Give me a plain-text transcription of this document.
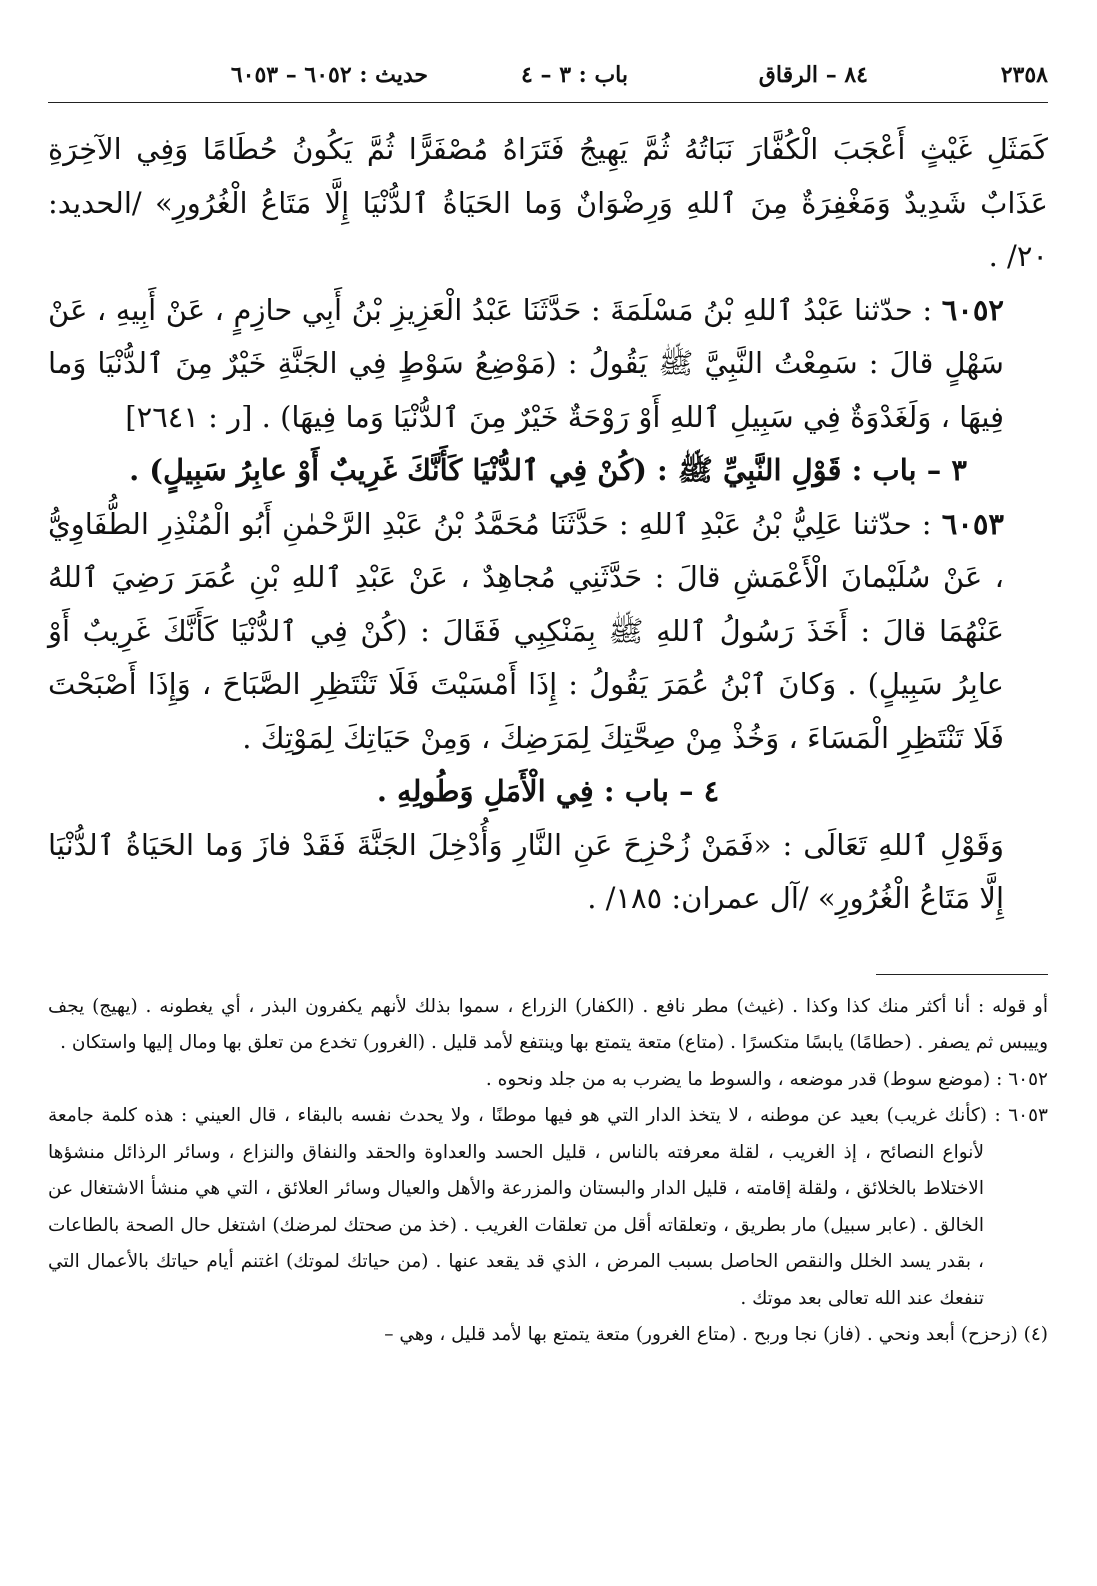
٢٣٥٨
٨٤ – الرقاق
باب : ٣ – ٤
حديث : ٦٠٥٢ – ٦٠٥٣

كَمَثَلِ غَيْثٍ أَعْجَبَ الْكُفَّارَ نَبَاتُهُ ثُمَّ يَهِيجُ فَتَرَاهُ مُصْفَرًّا ثُمَّ يَكُونُ حُطَامًا وَفِي الآخِرَةِ عَذَابٌ شَدِيدٌ وَمَغْفِرَةٌ مِنَ ٱللهِ وَرِضْوَانٌ وَما الحَيَاةُ ٱلدُّنْيَا إِلَّا مَتَاعُ الْغُرُورِ» /الحديد: ٢٠/ .

٦٠٥٢ : حدّثنا عَبْدُ ٱللهِ بْنُ مَسْلَمَةَ : حَدَّثَنَا عَبْدُ الْعَزِيزِ بْنُ أَبِي حازِمٍ ، عَنْ أَبِيهِ ، عَنْ سَهْلٍ قالَ : سَمِعْتُ النَّبِيَّ ﷺ يَقُولُ : (مَوْضِعُ سَوْطٍ فِي الجَنَّةِ خَيْرٌ مِنَ ٱلدُّنْيَا وَما فِيهَا ، وَلَغَدْوَةٌ فِي سَبِيلِ ٱللهِ أَوْ رَوْحَةٌ خَيْرٌ مِنَ ٱلدُّنْيَا وَما فِيهَا) . [ر : ٢٦٤١]

٣ – باب : قَوْلِ النَّبِيِّ ﷺ : (كُنْ فِي ٱلدُّنْيَا كَأَنَّكَ غَرِيبٌ أَوْ عابِرُ سَبِيلٍ) .

٦٠٥٣ : حدّثنا عَلِيُّ بْنُ عَبْدِ ٱللهِ : حَدَّثَنَا مُحَمَّدُ بْنُ عَبْدِ الرَّحْمٰنِ أَبُو الْمُنْذِرِ الطُّفَاوِيُّ ، عَنْ سُلَيْمانَ الْأَعْمَشِ قالَ : حَدَّثَنِي مُجاهِدٌ ، عَنْ عَبْدِ ٱللهِ بْنِ عُمَرَ رَضِيَ ٱللهُ عَنْهُمَا قالَ : أَخَذَ رَسُولُ ٱللهِ ﷺ بِمَنْكِبِي فَقَالَ : (كُنْ فِي ٱلدُّنْيَا كَأَنَّكَ غَرِيبٌ أَوْ عابِرُ سَبِيلٍ) . وَكانَ ٱبْنُ عُمَرَ يَقُولُ : إِذَا أَمْسَيْتَ فَلَا تَنْتَظِرِ الصَّبَاحَ ، وَإِذَا أَصْبَحْتَ فَلَا تَنْتَظِرِ الْمَسَاءَ ، وَخُذْ مِنْ صِحَّتِكَ لِمَرَضِكَ ، وَمِنْ حَيَاتِكَ لِمَوْتِكَ .

٤ – باب : فِي الْأَمَلِ وَطُولِهِ .

وَقَوْلِ ٱللهِ تَعَالَى : «فَمَنْ زُحْزِحَ عَنِ النَّارِ وَأُدْخِلَ الجَنَّةَ فَقَدْ فازَ وَما الحَيَاةُ ٱلدُّنْيَا إِلَّا مَتَاعُ الْغُرُورِ» /آل عمران: ١٨٥/ .

أو قوله : أنا أكثر منك كذا وكذا . (غيث) مطر نافع . (الكفار) الزراع ، سموا بذلك لأنهم يكفرون البذر ، أي يغطونه . (يهيج) يجف وييبس ثم يصفر . (حطامًا) يابسًا متكسرًا . (متاع) متعة يتمتع بها وينتفع لأمد قليل . (الغرور) تخدع من تعلق بها ومال إليها واستكان .

٦٠٥٢ : (موضع سوط) قدر موضعه ، والسوط ما يضرب به من جلد ونحوه .

٦٠٥٣ : (كأنك غريب) بعيد عن موطنه ، لا يتخذ الدار التي هو فيها موطنًا ، ولا يحدث نفسه بالبقاء ، قال العيني : هذه كلمة جامعة لأنواع النصائح ، إذ الغريب ، لقلة معرفته بالناس ، قليل الحسد والعداوة والحقد والنفاق والنزاع ، وسائر الرذائل منشؤها الاختلاط بالخلائق ، ولقلة إقامته ، قليل الدار والبستان والمزرعة والأهل والعيال وسائر العلائق ، التي هي منشأ الاشتغال عن الخالق . (عابر سبيل) مار بطريق ، وتعلقاته أقل من تعلقات الغريب . (خذ من صحتك لمرضك) اشتغل حال الصحة بالطاعات ، بقدر يسد الخلل والنقص الحاصل بسبب المرض ، الذي قد يقعد عنها . (من حياتك لموتك) اغتنم أيام حياتك بالأعمال التي تنفعك عند الله تعالى بعد موتك .

(٤) (زحزح) أبعد ونحي . (فاز) نجا وربح . (متاع الغرور) متعة يتمتع بها لأمد قليل ، وهي –
